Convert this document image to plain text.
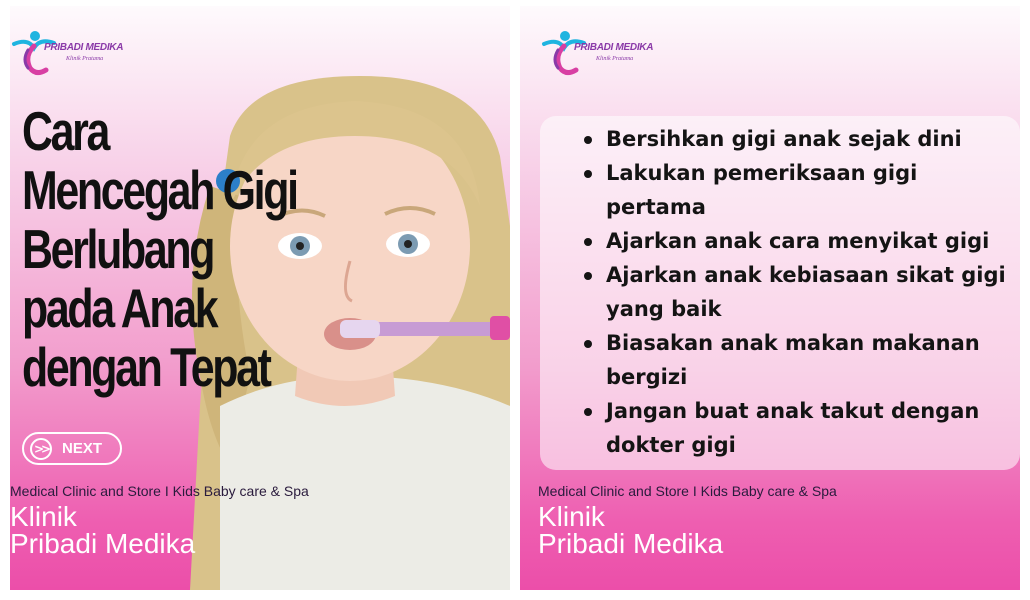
PRIBADI MEDIKA
Klinik Pratama
Cara
Mencegah Gigi
Berlubang
pada Anak
dengan Tepat
>> NEXT
Medical Clinic and Store I Kids Baby care & Spa
Klinik
Pribadi Medika
PRIBADI MEDIKA
Klinik Pratama
Bersihkan gigi anak sejak dini
Lakukan pemeriksaan gigi pertama
Ajarkan anak cara menyikat gigi
Ajarkan anak kebiasaan sikat gigi yang baik
Biasakan anak makan makanan bergizi
Jangan buat anak takut dengan dokter gigi
Medical Clinic and Store I Kids Baby care & Spa
Klinik
Pribadi Medika
